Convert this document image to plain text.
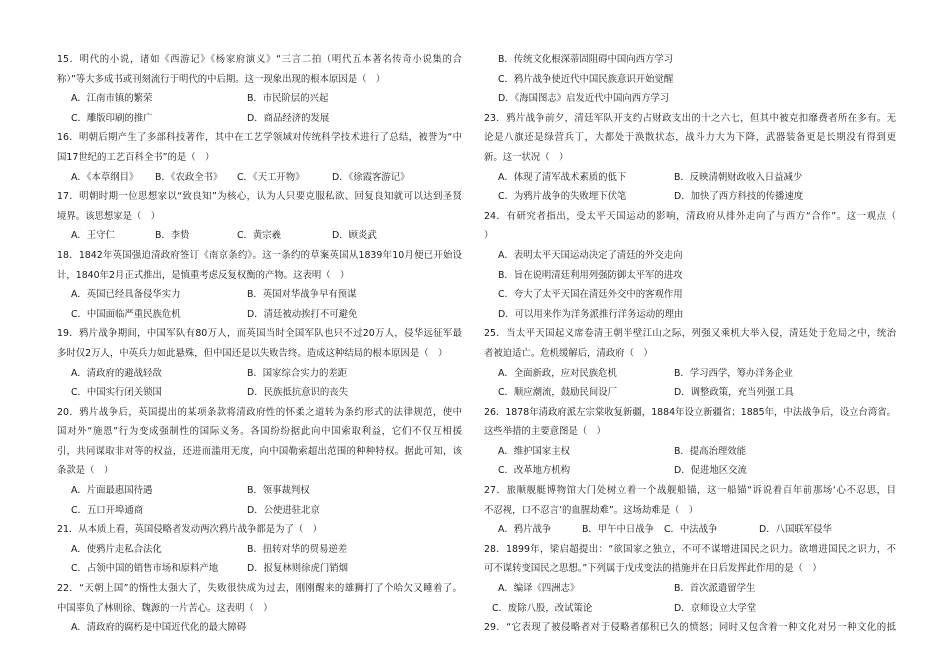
15．明代的小说，诸如《西游记》《杨家府演义》“三言二拍（明代五本著名传奇小说集的合
称）”等大多成书或刊刻流行于明代的中后期。这一现象出现的根本原因是（　）
A．江南市镇的繁荣	B．市民阶层的兴起
C．雕版印刷的推广	D．商品经济的发展
16．明朝后期产生了多部科技著作，其中在工艺学领域对传统科学技术进行了总结，被誉为“中
国17世纪的工艺百科全书”的是（　）
A．《本草纲目》 B．《农政全书》 C．《天工开物》	D．《徐霞客游记》
17．明朝时期一位思想家以“致良知”为核心，认为人只要克服私欲、回复良知就可以达到圣贤
境界。该思想家是（　）
A．王守仁	B．李贽	C．黄宗羲	D．顾炎武
18．1842年英国强迫清政府签订《南京条约》。这一条约的草案英国从1839年10月便已开始设
计，1840年2月正式推出，是慎重考虑反复权衡的产物。这表明（　）
A．英国已经具备侵华实力	B．英国对华战争早有预谋
C．中国面临严重民族危机	D．清廷被动挨打不可避免
19．鸦片战争期间，中国军队有80万人，而英国当时全国军队也只不过20万人，侵华远征军最
多时仅2万人，中英兵力如此悬殊，但中国还是以失败告终。造成这种结局的根本原因是（　）
A．清政府的避战轻敌	B．国家综合实力的差距
C．中国实行闭关锁国	D．民族抵抗意识的丧失
20．鸦片战争后，英国提出的某项条款将清政府性的怀柔之道转为条约形式的法律规范，使中
国对外“施恩”行为变成强制性的国际义务。各国纷纷据此向中国索取利益，它们不仅互相援
引，共同谋取非对等的权益，还进而滥用无度，向中国勒索超出范围的种种特权。据此可知，该
条款是（　）
A．片面最惠国待遇	B．领事裁判权
C．五口开埠通商	D．公使进驻北京
21．从本质上看，英国侵略者发动两次鸦片战争都是为了（　）
A．使鸦片走私合法化	B．扭转对华的贸易逆差
C．占领中国的销售市场和原料产地	D．报复林则徐虎门销烟
22．“天朝上国”的惰性太强大了，失败很快成为过去，刚刚醒来的雄狮打了个哈欠又睡着了。
中国辜负了林则徐、魏源的一片苦心。这表明（　）
A．清政府的腐朽是中国近代化的最大障碍
B．传统文化根深蒂固阻碍中国向西方学习
C．鸦片战争使近代中国民族意识开始觉醒
D．《海国图志》启发近代中国向西方学习
23．鸦片战争前夕，清廷军队开支约占财政支出的十之六七，但其中被克扣靡费者所在多有。无
论是八旗还是绿营兵丁，大都处于涣散状态，战斗力大为下降，武器装备更是长期没有得到更
新。这一状况（　）
A．体现了清军战术素质的低下	B．反映清朝财政收入日益减少
C．为鸦片战争的失败埋下伏笔	D．加快了西方科技的传播速度
24．有研究者指出，受太平天国运动的影响，清政府从排外走向了与西方“合作”。这一观点（
）
A．表明太平天国运动决定了清廷的外交走向
B．旨在说明清廷利用列强防御太平军的进攻
C．夸大了太平天国在清廷外交中的客观作用
D．可以用来作为洋务派推行洋务运动的理由
25．当太平天国起义席卷清王朝半壁江山之际，列强又乘机大举入侵，清廷处于危局之中，统治
者被迫适亡。危机缓解后，清政府（　）
A．全面新政，应对民族危机	B．学习西学，筹办洋务企业
C．顺应潮流，鼓励民间设厂	D．调整政策，充当列强工具
26．1878年清政府派左宗棠收复新疆，1884年设立新疆省；1885年，中法战争后，设立台湾省。
这些举措的主要意图是（　）
A．维护国家主权	B．提高治理效能
C．改革地方机构	D．促进地区交流
27．旅顺舰艇博物馆大门处树立着一个战舰船锚，这一船锚“诉说着百年前那场‘心不忍思，目
不忍视，口不忍言’的血腥劫难”。这场劫难是（　）
A．鸦片战争	B．甲午中日战争 C．中法战争	D．八国联军侵华
28．1899年，梁启超提出：“欲国家之独立，不可不谋增进国民之识力。欲增进国民之识力，不
可不谋转变国民之思想。”下列属于戊戌变法的措施并在日后发挥此作用的是（　）
A．编译《四洲志》	B．首次派遣留学生
C．废除八股，改试策论	D．京师设立大学堂
29．“它表现了被侵略者对于侵略者郁积已久的愤怒；同时又包含着一种文化对另一种文化的抵
